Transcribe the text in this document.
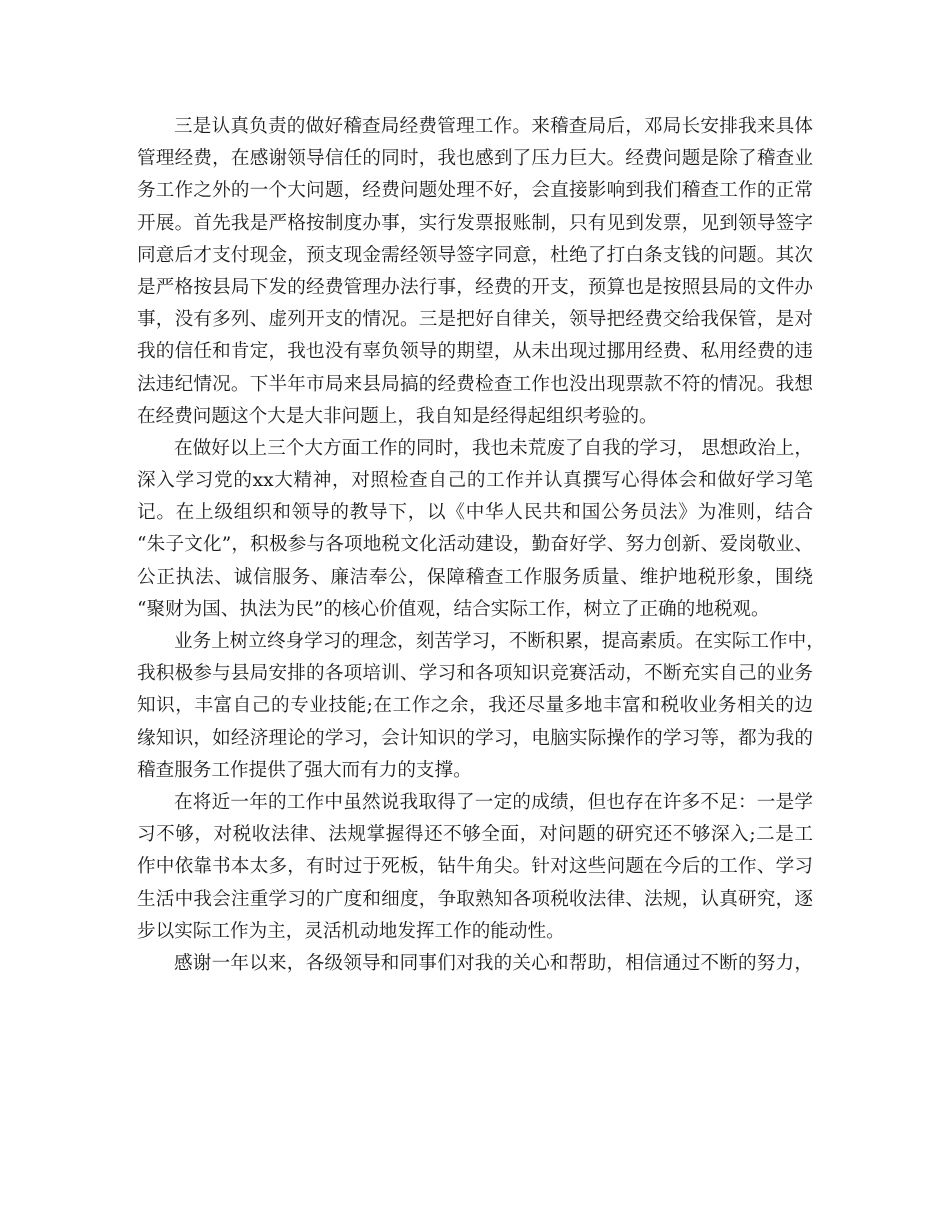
三是认真负责的做好稽查局经费管理工作。来稽查局后，邓局长安排我来具体
管理经费，在感谢领导信任的同时，我也感到了压力巨大。经费问题是除了稽查业
务工作之外的一个大问题，经费问题处理不好，会直接影响到我们稽查工作的正常
开展。首先我是严格按制度办事，实行发票报账制，只有见到发票，见到领导签字
同意后才支付现金，预支现金需经领导签字同意，杜绝了打白条支钱的问题。其次
是严格按县局下发的经费管理办法行事，经费的开支，预算也是按照县局的文件办
事，没有多列、虚列开支的情况。三是把好自律关，领导把经费交给我保管，是对
我的信任和肯定，我也没有辜负领导的期望，从未出现过挪用经费、私用经费的违
法违纪情况。下半年市局来县局搞的经费检查工作也没出现票款不符的情况。我想
在经费问题这个大是大非问题上，我自知是经得起组织考验的。
在做好以上三个大方面工作的同时，我也未荒废了自我的学习， 思想政治上，
深入学习党的xx大精神，对照检查自己的工作并认真撰写心得体会和做好学习笔
记。在上级组织和领导的教导下，以《中华人民共和国公务员法》为准则，结合
“朱子文化”，积极参与各项地税文化活动建设，勤奋好学、努力创新、爱岗敬业、
公正执法、诚信服务、廉洁奉公，保障稽查工作服务质量、维护地税形象，围绕
“聚财为国、执法为民”的核心价值观，结合实际工作，树立了正确的地税观。
业务上树立终身学习的理念，刻苦学习，不断积累，提高素质。在实际工作中，
我积极参与县局安排的各项培训、学习和各项知识竞赛活动，不断充实自己的业务
知识，丰富自己的专业技能;在工作之余，我还尽量多地丰富和税收业务相关的边
缘知识，如经济理论的学习，会计知识的学习，电脑实际操作的学习等，都为我的
稽查服务工作提供了强大而有力的支撑。
在将近一年的工作中虽然说我取得了一定的成绩，但也存在许多不足：一是学
习不够，对税收法律、法规掌握得还不够全面，对问题的研究还不够深入;二是工
作中依靠书本太多，有时过于死板，钻牛角尖。针对这些问题在今后的工作、学习
生活中我会注重学习的广度和细度，争取熟知各项税收法律、法规，认真研究，逐
步以实际工作为主，灵活机动地发挥工作的能动性。
感谢一年以来，各级领导和同事们对我的关心和帮助，相信通过不断的努力，
